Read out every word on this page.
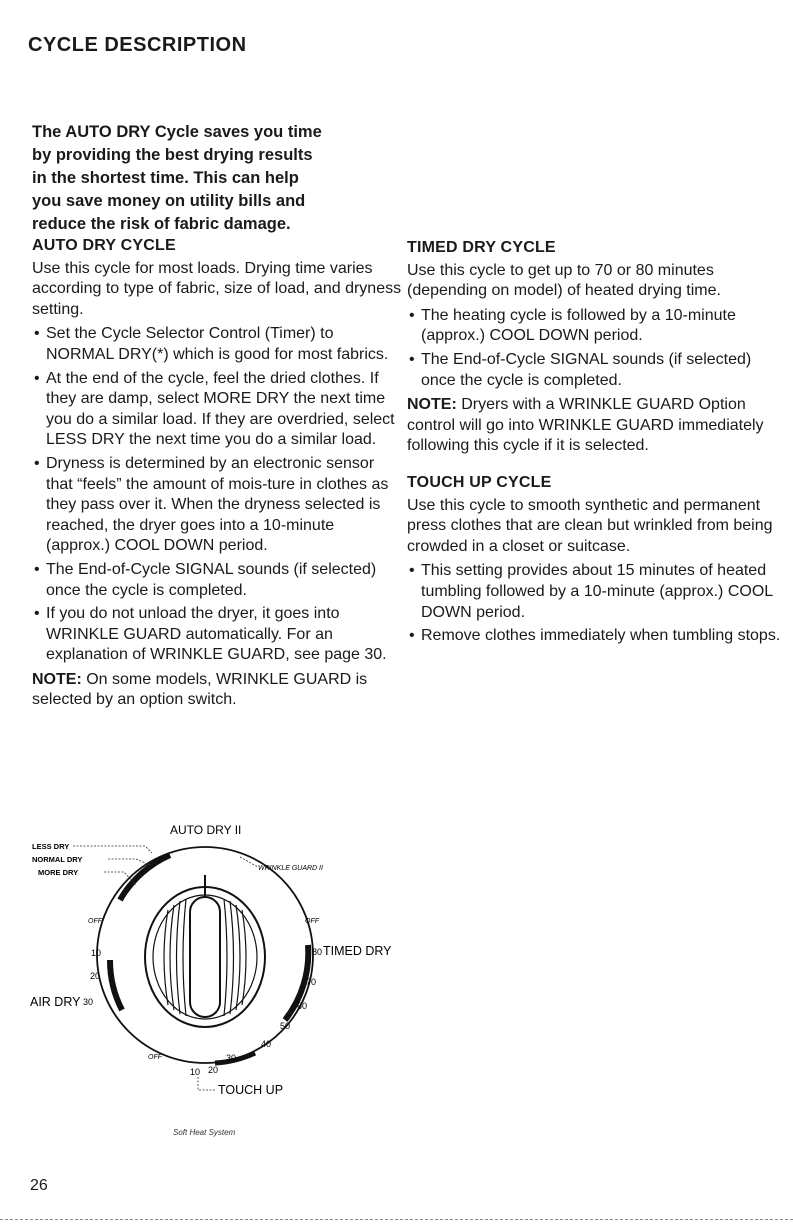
CYCLE DESCRIPTION

The AUTO DRY Cycle saves you time

by providing the best drying results

in the shortest time. This can help

you save money on utility bills and

reduce the risk of fabric damage.

AUTO DRY CYCLE

Use this cycle for most loads. Drying time varies according to type of fabric, size of load, and dryness setting.

• Set the Cycle Selector Control (Timer) to NORMAL DRY(*) which is good for most fabrics.
• At the end of the cycle, feel the dried clothes. If they are damp, select MORE DRY the next time you do a similar load. If they are overdried, select LESS DRY the next time you do a similar load.
• Dryness is determined by an electronic sensor that “feels” the amount of mois-ture in clothes as they pass over it. When the dryness selected is reached, the dryer goes into a 10-minute (approx.) COOL DOWN period.
• The End-of-Cycle SIGNAL sounds (if selected) once the cycle is completed.
• If you do not unload the dryer, it goes into WRINKLE GUARD automatically. For an explanation of WRINKLE GUARD, see page 30.

NOTE: On some models, WRINKLE GUARD is selected by an option switch.

TIMED DRY CYCLE

Use this cycle to get up to 70 or 80 minutes (depending on model) of heated drying time.

• The heating cycle is followed by a 10-minute (approx.) COOL DOWN period.
• The End-of-Cycle SIGNAL sounds (if selected) once the cycle is completed.

NOTE: Dryers with a WRINKLE GUARD Option control will go into WRINKLE GUARD immediately following this cycle if it is selected.

TOUCH UP CYCLE

Use this cycle to smooth synthetic and permanent press clothes that are clean but wrinkled from being crowded in a closet or suitcase.

• This setting provides about 15 minutes of heated tumbling followed by a 10-minute (approx.) COOL DOWN period.
• Remove clothes immediately when tumbling stops.
AUTO DRY II
LESS DRY
NORMAL DRY
MORE DRY	WRINKLE GUARD II
OFF	OFF
OFF
TIMED DRY
AIR DRY
TOUCH UP
10
20
30
80
70
60
50
40
10 20
30
Soft Heat System
26
